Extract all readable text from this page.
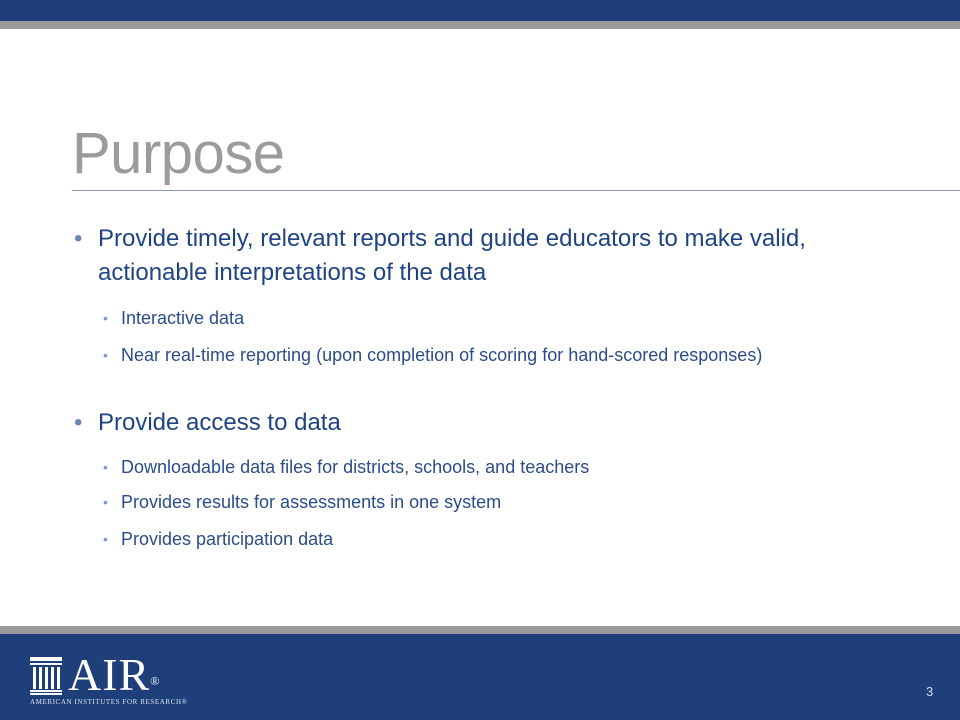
Purpose
• Provide timely, relevant reports and guide educators to make valid, actionable interpretations of the data
• Interactive data
• Near real-time reporting (upon completion of scoring for hand-scored responses)
• Provide access to data
• Downloadable data files for districts, schools, and teachers
• Provides results for assessments in one system
• Provides participation data
AIR®
AMERICAN INSTITUTES FOR RESEARCH®
3
